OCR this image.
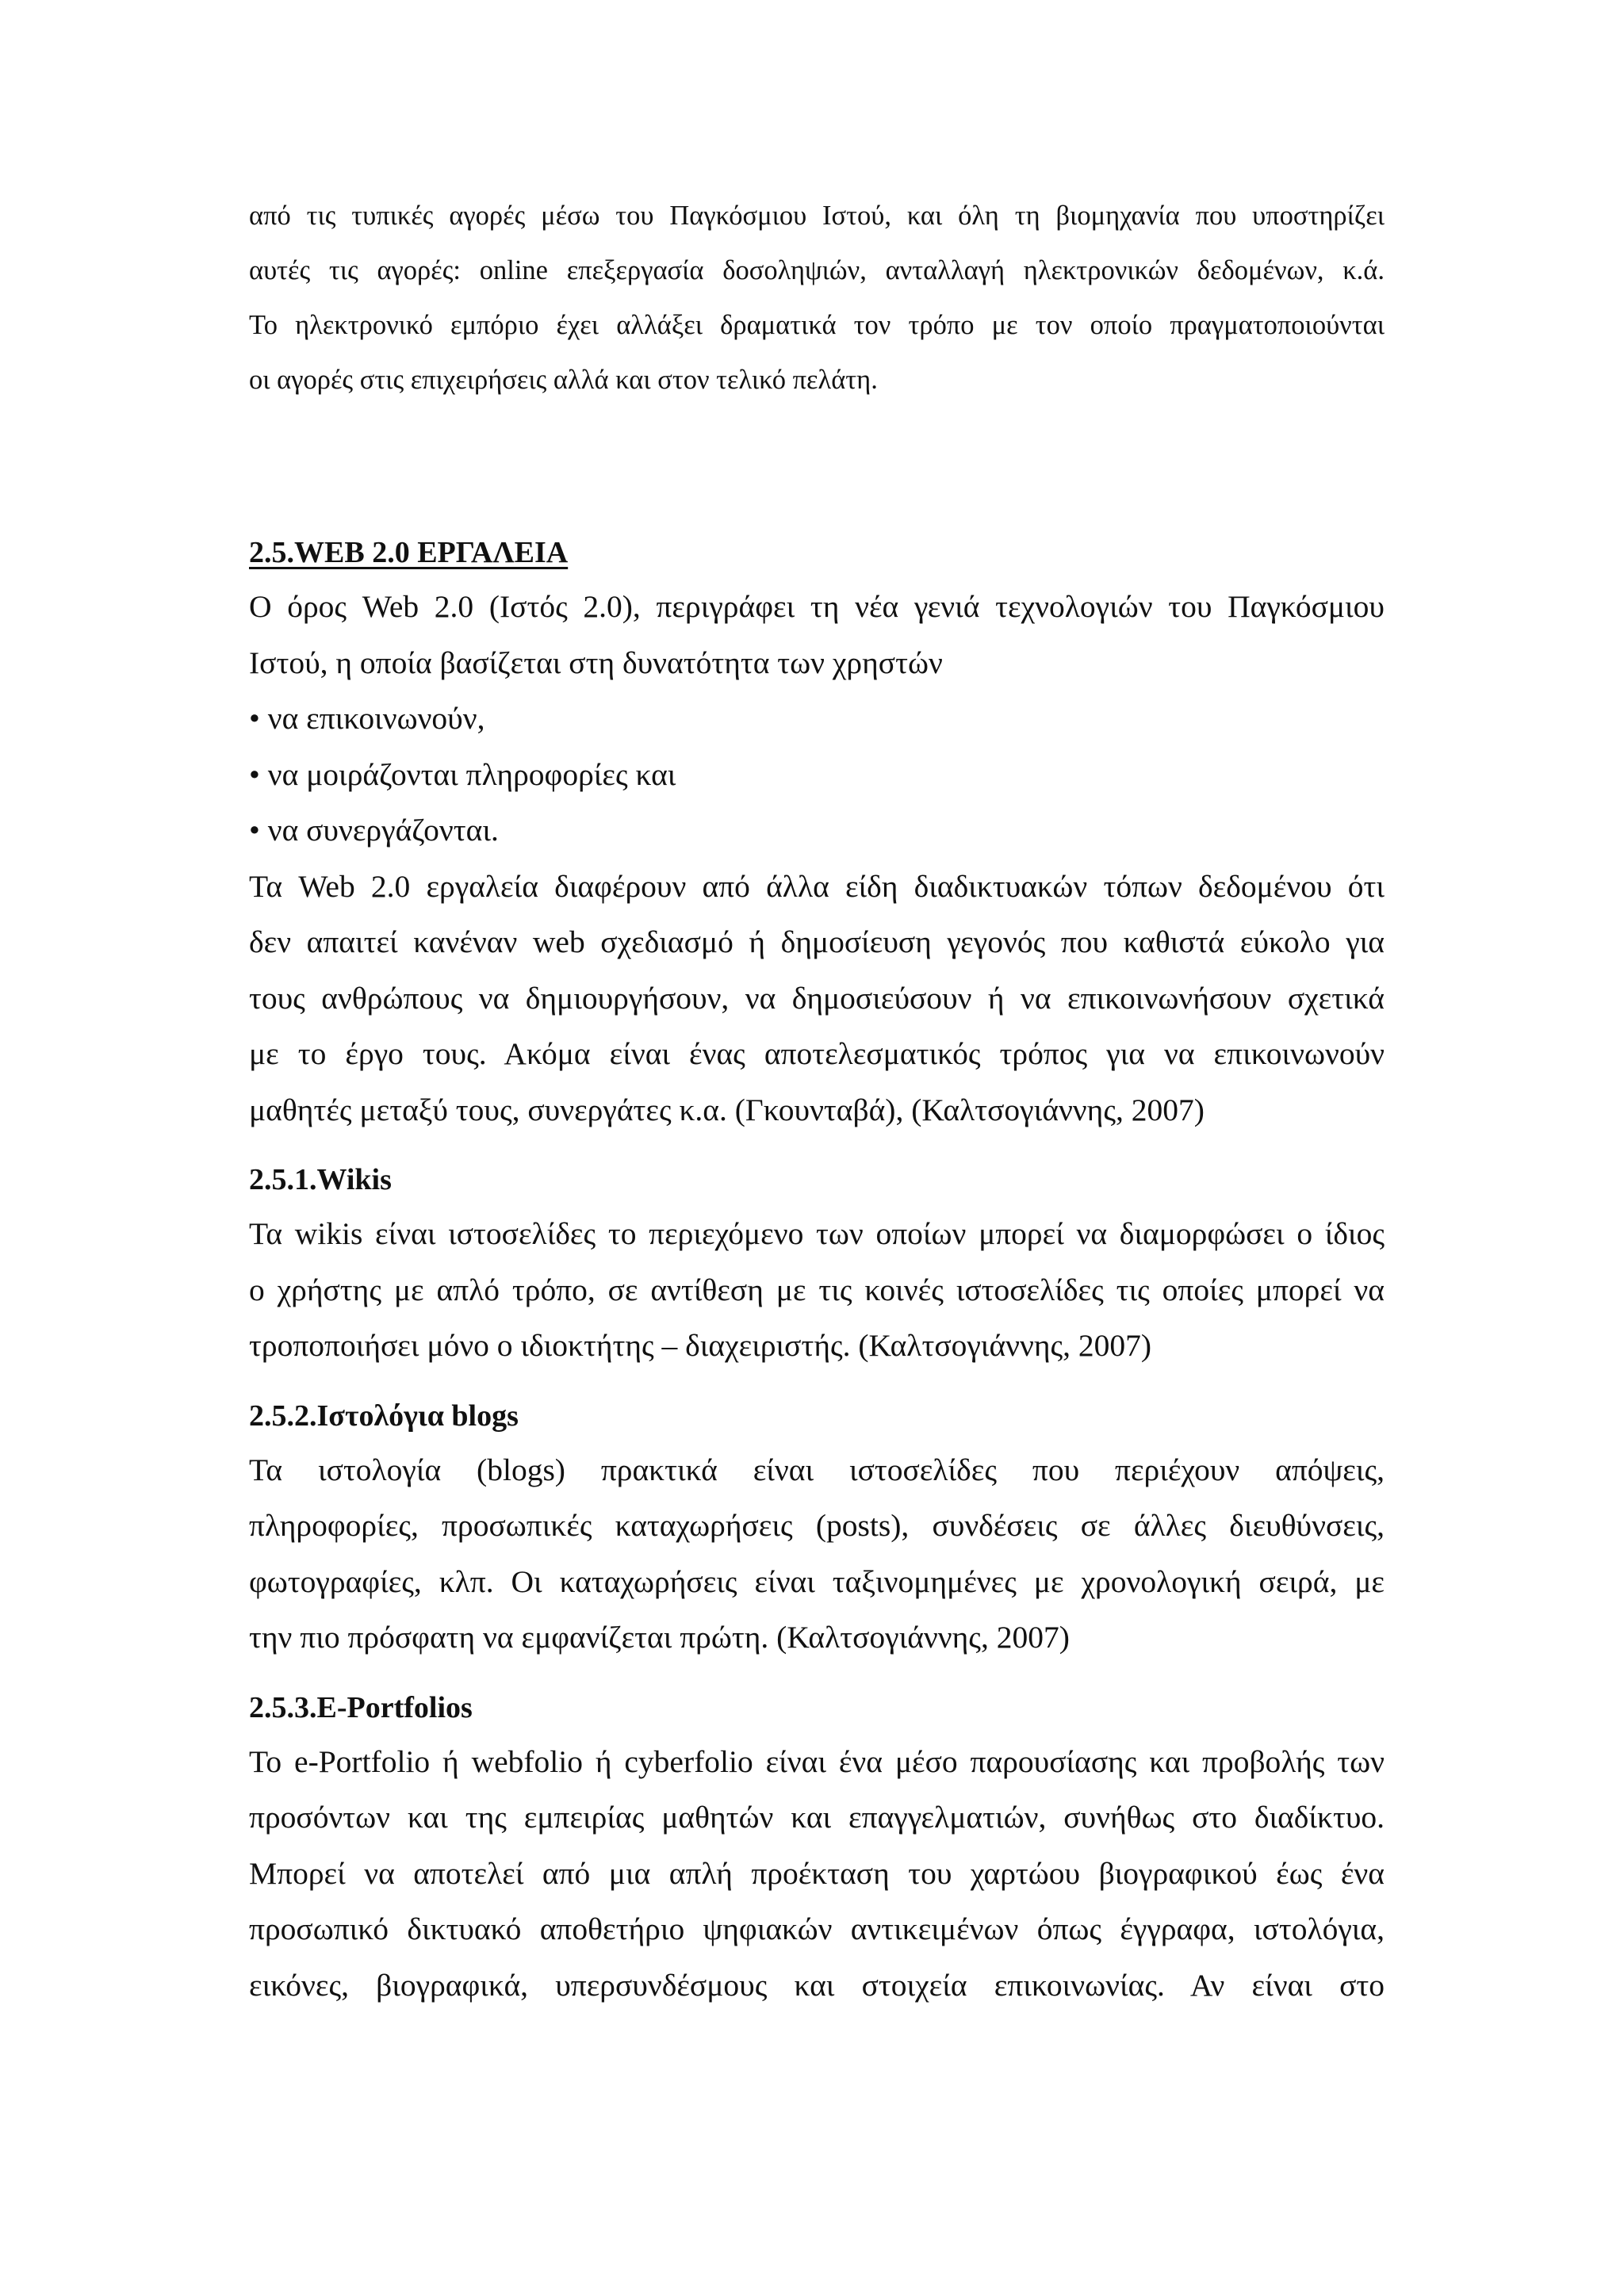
από τις τυπικές αγορές μέσω του Παγκόσμιου Ιστού, και όλη τη βιομηχανία που υποστηρίζει
αυτές τις αγορές: online επεξεργασία δοσοληψιών, ανταλλαγή ηλεκτρονικών δεδομένων, κ.ά.
Το ηλεκτρονικό εμπόριο έχει αλλάξει δραματικά τον τρόπο με τον οποίο πραγματοποιούνται
οι αγορές στις επιχειρήσεις αλλά και στον τελικό πελάτη.
2.5.WEB 2.0 ΕΡΓΑΛΕΙΑ
Ο όρος Web 2.0 (Ιστός 2.0), περιγράφει τη νέα γενιά τεχνολογιών του Παγκόσμιου
Ιστού, η οποία βασίζεται στη δυνατότητα των χρηστών
• να επικοινωνούν,
• να μοιράζονται πληροφορίες και
• να συνεργάζονται.
Τα Web 2.0 εργαλεία διαφέρουν από άλλα είδη διαδικτυακών τόπων δεδομένου ότι
δεν απαιτεί κανέναν web σχεδιασμό ή δημοσίευση γεγονός που καθιστά εύκολο για
τους ανθρώπους να δημιουργήσουν, να δημοσιεύσουν ή να επικοινωνήσουν σχετικά
με το έργο τους. Ακόμα είναι ένας αποτελεσματικός τρόπος για να επικοινωνούν
μαθητές μεταξύ τους, συνεργάτες κ.α. (Γκουνταβά), (Καλτσογιάννης, 2007)
2.5.1.Wikis
Τα wikis είναι ιστοσελίδες το περιεχόμενο των οποίων μπορεί να διαμορφώσει ο ίδιος
ο χρήστης με απλό τρόπο, σε αντίθεση με τις κοινές ιστοσελίδες τις οποίες μπορεί να
τροποποιήσει μόνο ο ιδιοκτήτης – διαχειριστής. (Καλτσογιάννης, 2007)
2.5.2.Ιστολόγια blogs
Τα ιστολογία (blogs) πρακτικά είναι ιστοσελίδες που περιέχουν απόψεις,
πληροφορίες, προσωπικές καταχωρήσεις (posts), συνδέσεις σε άλλες διευθύνσεις,
φωτογραφίες, κλπ. Οι καταχωρήσεις είναι ταξινομημένες με χρονολογική σειρά, με
την πιο πρόσφατη να εμφανίζεται πρώτη. (Καλτσογιάννης, 2007)
2.5.3.E-Portfolios
Το e-Portfolio ή webfolio ή cyberfolio είναι ένα μέσο παρουσίασης και προβολής των
προσόντων και της εμπειρίας μαθητών και επαγγελματιών, συνήθως στο διαδίκτυο.
Μπορεί να αποτελεί από μια απλή προέκταση του χαρτώου βιογραφικού έως ένα
προσωπικό δικτυακό αποθετήριο ψηφιακών αντικειμένων όπως έγγραφα, ιστολόγια,
εικόνες, βιογραφικά, υπερσυνδέσμους και στοιχεία επικοινωνίας. Αν είναι στο
